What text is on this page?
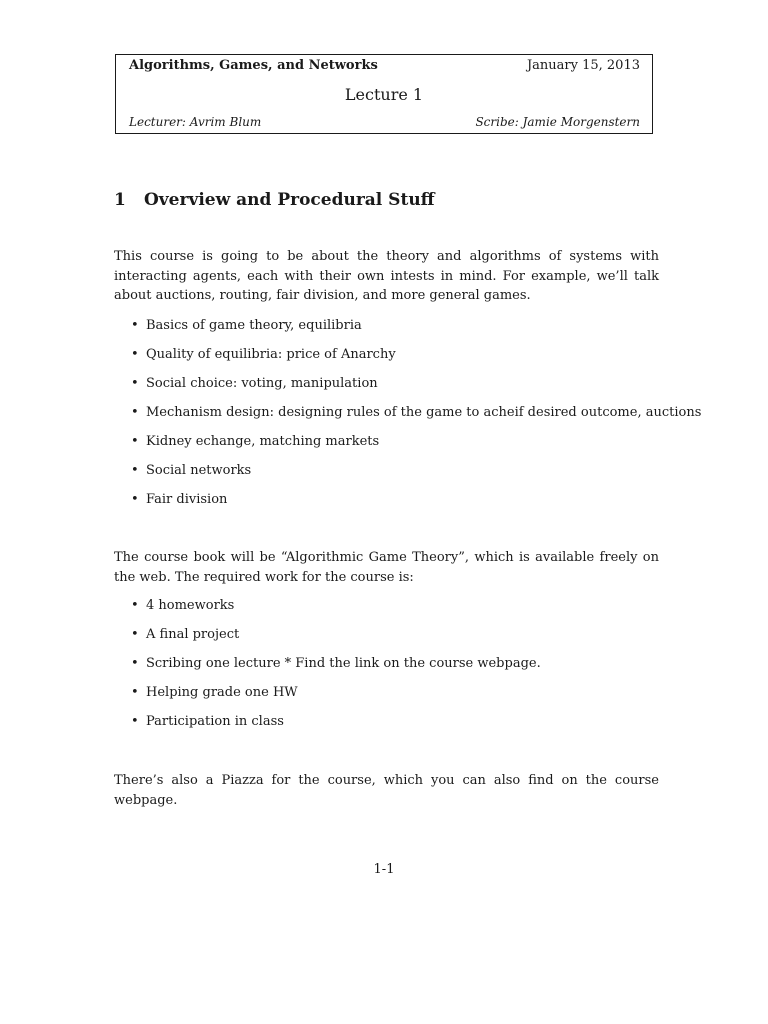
Algorithms, Games, and Networks	January 15, 2013
Lecture 1
Lecturer: Avrim Blum	Scribe: Jamie Morgenstern
1 Overview and Procedural Stuff

This course is going to be about the theory and algorithms of systems with interacting agents, each with their own intests in mind. For example, we’ll talk about auctions, routing, fair division, and more general games.

• Basics of game theory, equilibria
• Quality of equilibria: price of Anarchy
• Social choice: voting, manipulation
• Mechanism design: designing rules of the game to acheif desired outcome, auctions
• Kidney echange, matching markets
• Social networks
• Fair division

The course book will be “Algorithmic Game Theory”, which is available freely on the web. The required work for the course is:

• 4 homeworks
• A final project
• Scribing one lecture * Find the link on the course webpage.
• Helping grade one HW
• Participation in class

There’s also a Piazza for the course, which you can also find on the course webpage.

1-1
